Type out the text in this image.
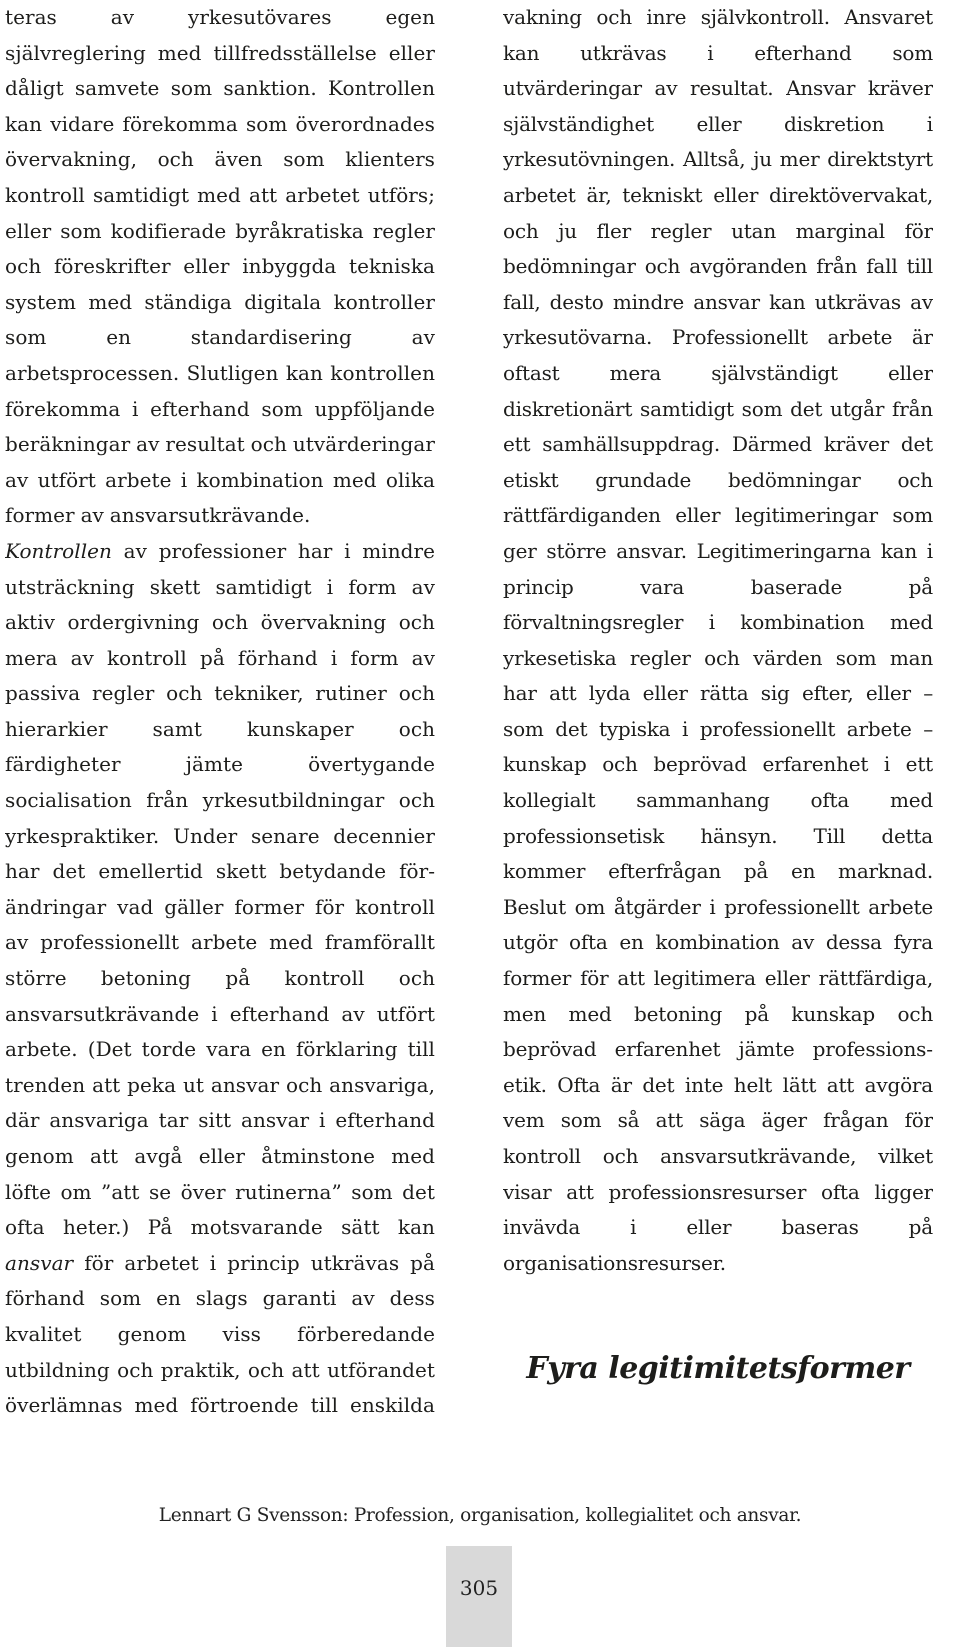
teras av yrkesutövares egen självreglering med tillfredsställelse eller dåligt samvete som sanktion. Kontrollen kan vidare förekomma som överordnades övervakning, och även som klienters kontroll samtidigt med att arbetet utförs; eller som kodifierade byråkratiska regler och föreskrifter eller inbyggda tekniska system med ständiga digitala kontroller som en standardisering av arbetsprocessen. Slutligen kan kontrollen förekomma i efterhand som uppföljande beräkningar av resultat och utvärderingar av utfört arbete i kombination med olika former av ansvarsutkrävande.

Kontrollen av professioner har i mindre utsträckning skett samtidigt i form av aktiv ordergivning och övervakning och mera av kontroll på förhand i form av passiva regler och tekniker, rutiner och hierarkier samt kunskaper och färdigheter jämte övertygande socialisation från yrkesutbildningar och yrkespraktiker. Under senare decennier har det emellertid skett betydande förändringar vad gäller former för kontroll av professionellt arbete med framförallt större betoning på kontroll och ansvarsutkrävande i efterhand av utfört arbete. (Det torde vara en förklaring till trenden att peka ut ansvar och ansvariga, där ansvariga tar sitt ansvar i efterhand genom att avgå eller åtminstone med löfte om ”att se över rutinerna” som det ofta heter.) På motsvarande sätt kan ansvar för arbetet i princip utkrävas på förhand som en slags garanti av dess kvalitet genom viss förberedande utbildning och praktik, och att utförandet överlämnas med förtroende till enskilda

vakning och inre självkontroll. Ansvaret kan utkrävas i efterhand som utvärderingar av resultat. Ansvar kräver självständighet eller diskretion i yrkesutövningen. Alltså, ju mer direktstyrt arbetet är, tekniskt eller direktövervakat, och ju fler regler utan marginal för bedömningar och avgöranden från fall till fall, desto mindre ansvar kan utkrävas av yrkesutövarna. Professionellt arbete är oftast mera självständigt eller diskretionärt samtidigt som det utgår från ett samhällsuppdrag. Därmed kräver det etiskt grundade bedömningar och rättfärdiganden eller legitimeringar som ger större ansvar. Legitimeringarna kan i princip vara baserade på förvaltningsregler i kombination med yrkesetiska regler och värden som man har att lyda eller rätta sig efter, eller – som det typiska i professionellt arbete – kunskap och beprövad erfarenhet i ett kollegialt sammanhang ofta med professionsetisk hänsyn. Till detta kommer efterfrågan på en marknad. Beslut om åtgärder i professionellt arbete utgör ofta en kombination av dessa fyra former för att legitimera eller rättfärdiga, men med betoning på kunskap och beprövad erfarenhet jämte professionsetik. Ofta är det inte helt lätt att avgöra vem som så att säga äger frågan för kontroll och ansvarsutkrävande, vilket visar att professionsresurser ofta ligger invävda i eller baseras på organisationsresurser.

Fyra legitimitetsformer

Lennart G Svensson: Profession, organisation, kollegialitet och ansvar.
305
